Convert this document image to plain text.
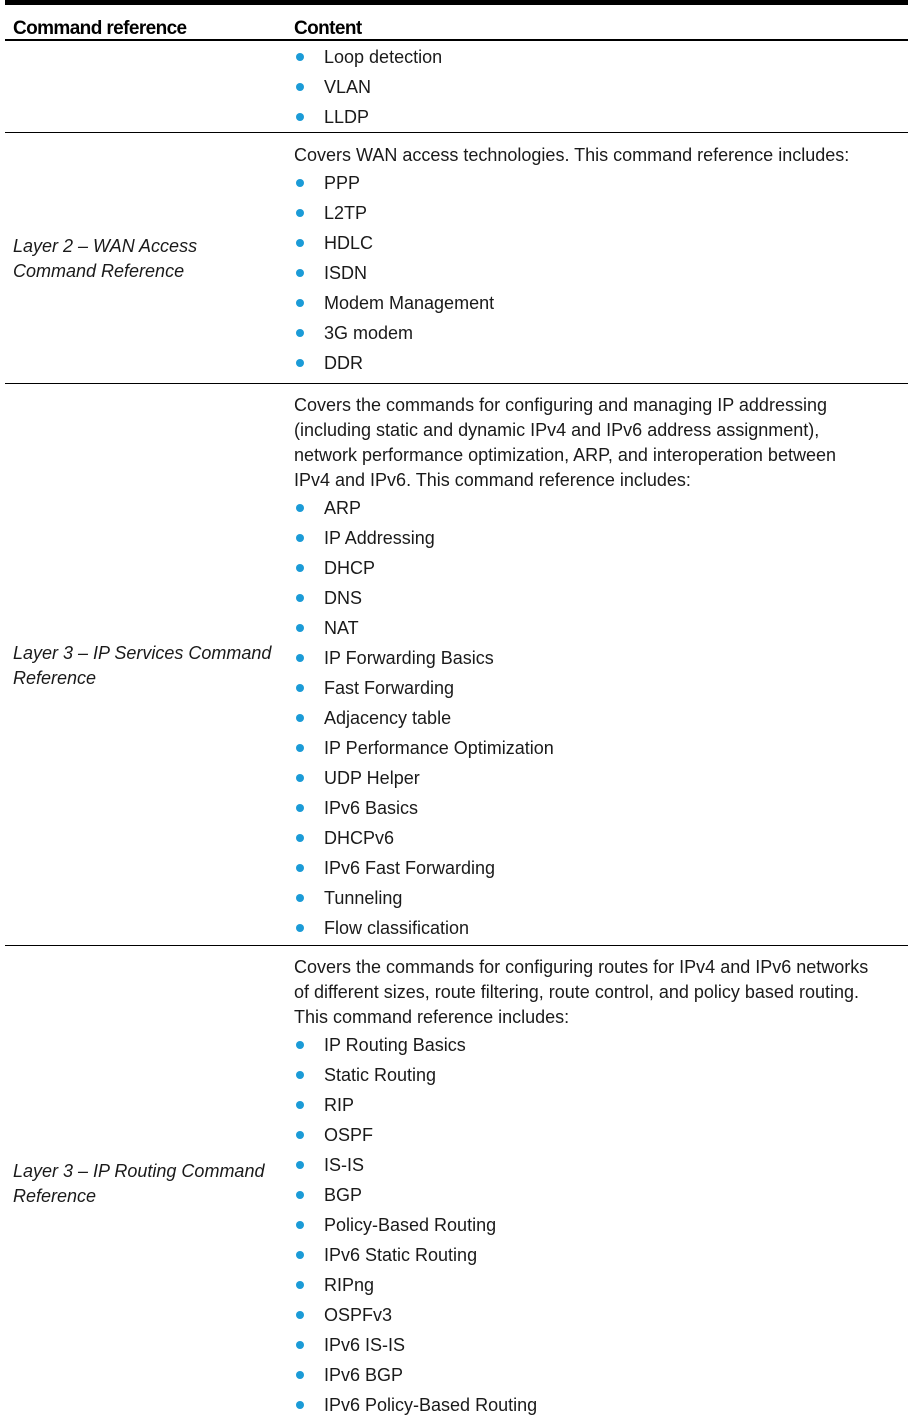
Command reference	Content
Loop detection
VLAN
LLDP
Layer 2 – WAN Access Command Reference
Covers WAN access technologies. This command reference includes:
PPP
L2TP
HDLC
ISDN
Modem Management
3G modem
DDR
Layer 3 – IP Services Command Reference
Covers the commands for configuring and managing IP addressing (including static and dynamic IPv4 and IPv6 address assignment), network performance optimization, ARP, and interoperation between IPv4 and IPv6. This command reference includes:
ARP
IP Addressing
DHCP
DNS
NAT
IP Forwarding Basics
Fast Forwarding
Adjacency table
IP Performance Optimization
UDP Helper
IPv6 Basics
DHCPv6
IPv6 Fast Forwarding
Tunneling
Flow classification
Layer 3 – IP Routing Command Reference
Covers the commands for configuring routes for IPv4 and IPv6 networks of different sizes, route filtering, route control, and policy based routing. This command reference includes:
IP Routing Basics
Static Routing
RIP
OSPF
IS-IS
BGP
Policy-Based Routing
IPv6 Static Routing
RIPng
OSPFv3
IPv6 IS-IS
IPv6 BGP
IPv6 Policy-Based Routing
